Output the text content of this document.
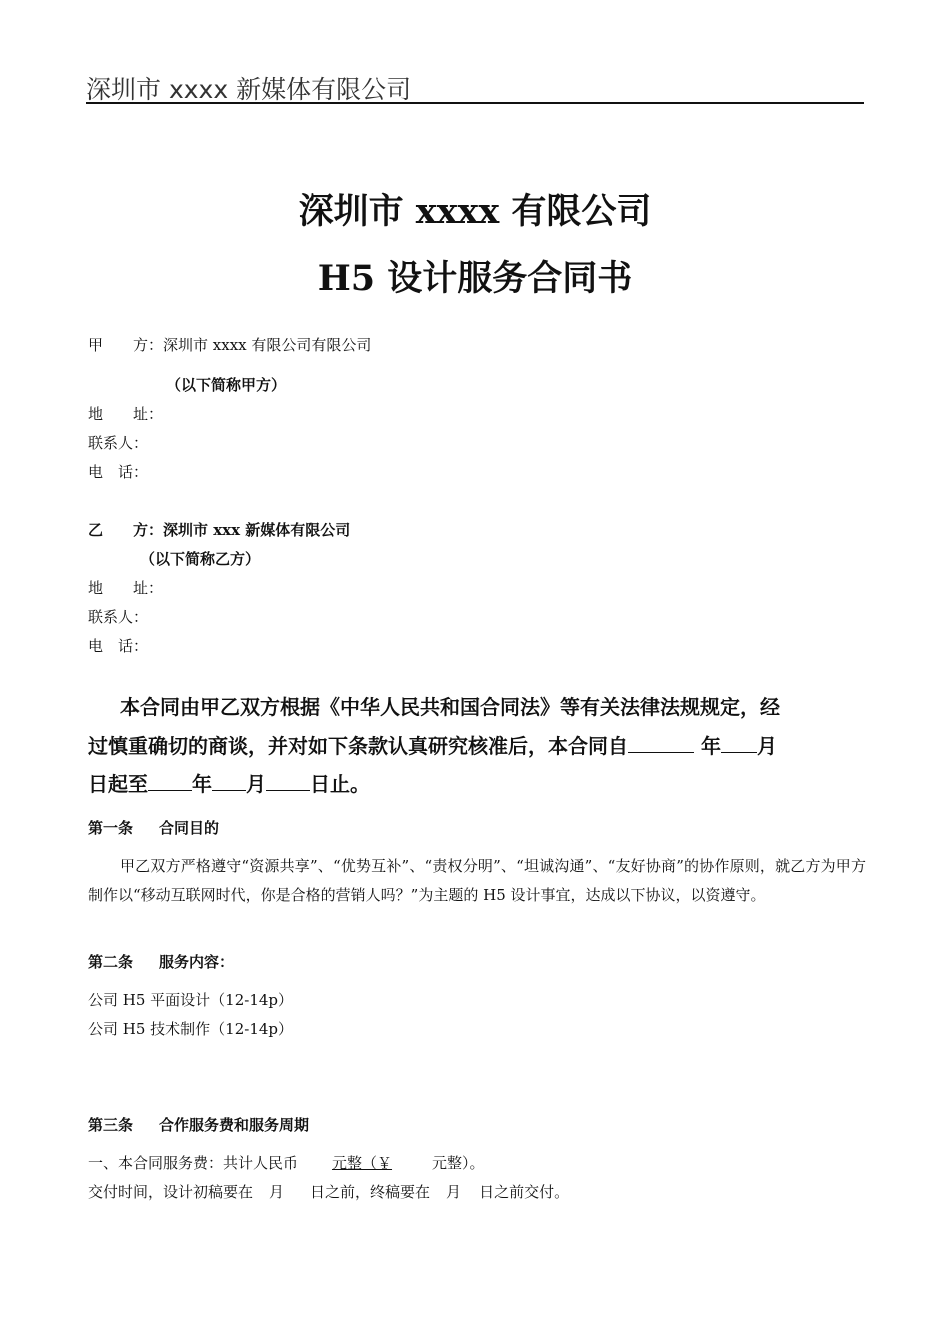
深圳市 xxxx 新媒体有限公司
深圳市 xxxx 有限公司
H5 设计服务合同书
甲　　方：深圳市 xxxx 有限公司有限公司
（以下简称甲方）
地　　址：
联系人：
电　话：
乙　　方：深圳市 xxx 新媒体有限公司
（以下简称乙方）
地　　址：
联系人：
电　话：
本合同由甲乙双方根据《中华人民共和国合同法》等有关法律法规规定，经
过慎重确切的商谈，并对如下条款认真研究核准后，本合同自	年 月
日起至 年 月 日止。
第一条 合同目的
甲乙双方严格遵守“资源共享”、“优势互补”、“责权分明”、“坦诚沟通”、“友好协商”的协作原则，就乙方为甲方制作以“移动互联网时代，你是合格的营销人吗？”为主题的 H5 设计事宜，达成以下协议，以资遵守。
第二条 服务内容：
公司 H5 平面设计（12-14p）
公司 H5 技术制作（12-14p）
第三条 合作服务费和服务周期
一、本合同服务费：共计人民币 元整（￥	元整）。
交付时间，设计初稿要在 月 日之前，终稿要在 月 日之前交付。
